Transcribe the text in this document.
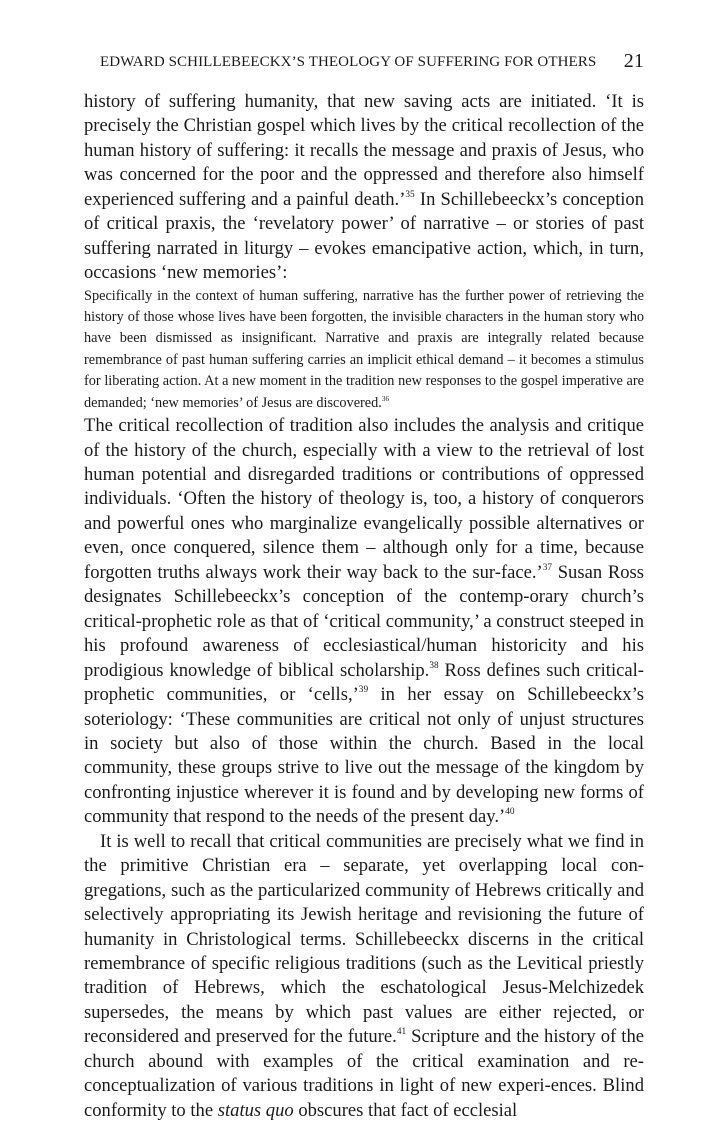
EDWARD SCHILLEBEECKX’S THEOLOGY OF SUFFERING FOR OTHERS 21

history of suffering humanity, that new saving acts are initiated. ‘It is precisely the Christian gospel which lives by the critical recollection of the human history of suffering: it recalls the message and praxis of Jesus, who was concerned for the poor and the oppressed and therefore also himself experienced suffering and a painful death.’$^{35}$ In Schillebeeckx’s conception of critical praxis, the ‘revelatory power’ of narrative – or stories of past suffering narrated in liturgy – evokes emancipative action, which, in turn, occasions ‘new memories’:

Specifically in the context of human suffering, narrative has the further power of retrieving the history of those whose lives have been forgotten, the invisible characters in the human story who have been dismissed as insignificant. Narrative and praxis are integrally related because remembrance of past human suffering carries an implicit ethical demand – it becomes a stimulus for liberating action. At a new moment in the tradition new responses to the gospel imperative are demanded; ‘new memories’ of Jesus are discovered.$^{36}$

The critical recollection of tradition also includes the analysis and critique of the history of the church, especially with a view to the retrieval of lost human potential and disregarded traditions or contributions of oppressed individuals. ‘Often the history of theology is, too, a history of conquerors and powerful ones who marginalize evangelically possible alternatives or even, once conquered, silence them – although only for a time, because forgotten truths always work their way back to the sur-face.’$^{37}$ Susan Ross designates Schillebeeckx’s conception of the contemp-orary church’s critical-prophetic role as that of ‘critical community,’ a construct steeped in his profound awareness of ecclesiastical/human historicity and his prodigious knowledge of biblical scholarship.$^{38}$ Ross defines such critical-prophetic communities, or ‘cells,’$^{39}$ in her essay on Schillebeeckx’s soteriology: ‘These communities are critical not only of unjust structures in society but also of those within the church. Based in the local community, these groups strive to live out the message of the kingdom by confronting injustice wherever it is found and by developing new forms of community that respond to the needs of the present day.’$^{40}$

It is well to recall that critical communities are precisely what we find in the primitive Christian era – separate, yet overlapping local con-gregations, such as the particularized community of Hebrews critically and selectively appropriating its Jewish heritage and revisioning the future of humanity in Christological terms. Schillebeeckx discerns in the critical remembrance of specific religious traditions (such as the Levitical priestly tradition of Hebrews, which the eschatological Jesus-Melchizedek supersedes, the means by which past values are either rejected, or reconsidered and preserved for the future.$^{41}$ Scripture and the history of the church abound with examples of the critical examination and re-conceptualization of various traditions in light of new experi-ences. Blind conformity to the status quo obscures that fact of ecclesial
